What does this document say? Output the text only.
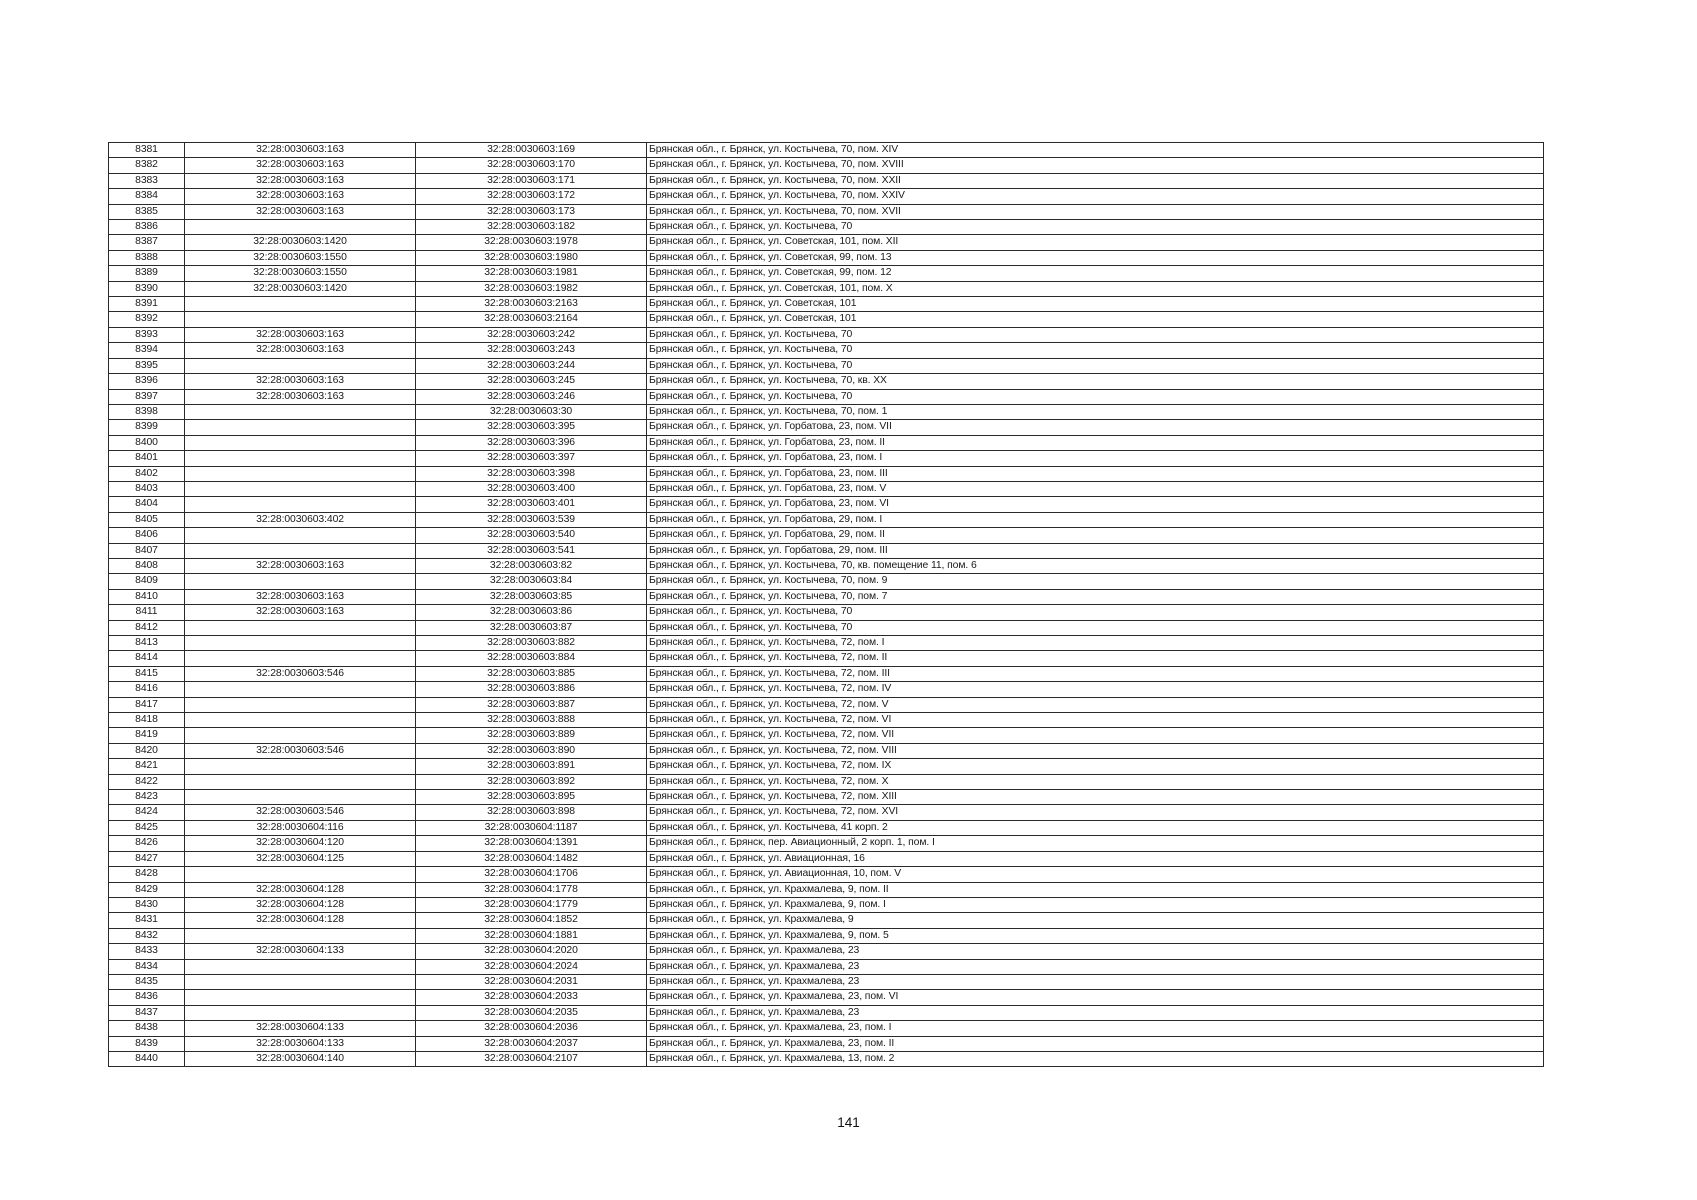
8381	32:28:0030603:163	32:28:0030603:169	Брянская обл., г. Брянск, ул. Костычева, 70, пом. XIV
8382	32:28:0030603:163	32:28:0030603:170	Брянская обл., г. Брянск, ул. Костычева, 70, пом. XVIII
8383	32:28:0030603:163	32:28:0030603:171	Брянская обл., г. Брянск, ул. Костычева, 70, пом. XXII
8384	32:28:0030603:163	32:28:0030603:172	Брянская обл., г. Брянск, ул. Костычева, 70, пом. XXIV
8385	32:28:0030603:163	32:28:0030603:173	Брянская обл., г. Брянск, ул. Костычева, 70, пом. XVII
8386		32:28:0030603:182	Брянская обл., г. Брянск, ул. Костычева, 70
8387	32:28:0030603:1420	32:28:0030603:1978	Брянская обл., г. Брянск, ул. Советская, 101, пом. XII
8388	32:28:0030603:1550	32:28:0030603:1980	Брянская обл., г. Брянск, ул. Советская, 99, пом. 13
8389	32:28:0030603:1550	32:28:0030603:1981	Брянская обл., г. Брянск, ул. Советская, 99, пом. 12
8390	32:28:0030603:1420	32:28:0030603:1982	Брянская обл., г. Брянск, ул. Советская, 101, пом. X
8391		32:28:0030603:2163	Брянская обл., г. Брянск, ул. Советская, 101
8392		32:28:0030603:2164	Брянская обл., г. Брянск, ул. Советская, 101
8393	32:28:0030603:163	32:28:0030603:242	Брянская обл., г. Брянск, ул. Костычева, 70
8394	32:28:0030603:163	32:28:0030603:243	Брянская обл., г. Брянск, ул. Костычева, 70
8395		32:28:0030603:244	Брянская обл., г. Брянск, ул. Костычева, 70
8396	32:28:0030603:163	32:28:0030603:245	Брянская обл., г. Брянск, ул. Костычева, 70, кв. XX
8397	32:28:0030603:163	32:28:0030603:246	Брянская обл., г. Брянск, ул. Костычева, 70
8398		32:28:0030603:30	Брянская обл., г. Брянск, ул. Костычева, 70, пом. 1
8399		32:28:0030603:395	Брянская обл., г. Брянск, ул. Горбатова, 23, пом. VII
8400		32:28:0030603:396	Брянская обл., г. Брянск, ул. Горбатова, 23, пом. II
8401		32:28:0030603:397	Брянская обл., г. Брянск, ул. Горбатова, 23, пом. I
8402		32:28:0030603:398	Брянская обл., г. Брянск, ул. Горбатова, 23, пом. III
8403		32:28:0030603:400	Брянская обл., г. Брянск, ул. Горбатова, 23, пом. V
8404		32:28:0030603:401	Брянская обл., г. Брянск, ул. Горбатова, 23, пом. VI
8405	32:28:0030603:402	32:28:0030603:539	Брянская обл., г. Брянск, ул. Горбатова, 29, пом. I
8406		32:28:0030603:540	Брянская обл., г. Брянск, ул. Горбатова, 29, пом. II
8407		32:28:0030603:541	Брянская обл., г. Брянск, ул. Горбатова, 29, пом. III
8408	32:28:0030603:163	32:28:0030603:82	Брянская обл., г. Брянск, ул. Костычева, 70, кв. помещение 11, пом. 6
8409		32:28:0030603:84	Брянская обл., г. Брянск, ул. Костычева, 70, пом. 9
8410	32:28:0030603:163	32:28:0030603:85	Брянская обл., г. Брянск, ул. Костычева, 70, пом. 7
8411	32:28:0030603:163	32:28:0030603:86	Брянская обл., г. Брянск, ул. Костычева, 70
8412		32:28:0030603:87	Брянская обл., г. Брянск, ул. Костычева, 70
8413		32:28:0030603:882	Брянская обл., г. Брянск, ул. Костычева, 72, пом. I
8414		32:28:0030603:884	Брянская обл., г. Брянск, ул. Костычева, 72, пом. II
8415	32:28:0030603:546	32:28:0030603:885	Брянская обл., г. Брянск, ул. Костычева, 72, пом. III
8416		32:28:0030603:886	Брянская обл., г. Брянск, ул. Костычева, 72, пом. IV
8417		32:28:0030603:887	Брянская обл., г. Брянск, ул. Костычева, 72, пом. V
8418		32:28:0030603:888	Брянская обл., г. Брянск, ул. Костычева, 72, пом. VI
8419		32:28:0030603:889	Брянская обл., г. Брянск, ул. Костычева, 72, пом. VII
8420	32:28:0030603:546	32:28:0030603:890	Брянская обл., г. Брянск, ул. Костычева, 72, пом. VIII
8421		32:28:0030603:891	Брянская обл., г. Брянск, ул. Костычева, 72, пом. IX
8422		32:28:0030603:892	Брянская обл., г. Брянск, ул. Костычева, 72, пом. X
8423		32:28:0030603:895	Брянская обл., г. Брянск, ул. Костычева, 72, пом. XIII
8424	32:28:0030603:546	32:28:0030603:898	Брянская обл., г. Брянск, ул. Костычева, 72, пом. XVI
8425	32:28:0030604:116	32:28:0030604:1187	Брянская обл., г. Брянск, ул. Костычева, 41 корп. 2
8426	32:28:0030604:120	32:28:0030604:1391	Брянская обл., г. Брянск, пер. Авиационный, 2 корп. 1, пом. I
8427	32:28:0030604:125	32:28:0030604:1482	Брянская обл., г. Брянск, ул. Авиационная, 16
8428		32:28:0030604:1706	Брянская обл., г. Брянск, ул. Авиационная, 10, пом. V
8429	32:28:0030604:128	32:28:0030604:1778	Брянская обл., г. Брянск, ул. Крахмалева, 9, пом. II
8430	32:28:0030604:128	32:28:0030604:1779	Брянская обл., г. Брянск, ул. Крахмалева, 9, пом. I
8431	32:28:0030604:128	32:28:0030604:1852	Брянская обл., г. Брянск, ул. Крахмалева, 9
8432		32:28:0030604:1881	Брянская обл., г. Брянск, ул. Крахмалева, 9, пом. 5
8433	32:28:0030604:133	32:28:0030604:2020	Брянская обл., г. Брянск, ул. Крахмалева, 23
8434		32:28:0030604:2024	Брянская обл., г. Брянск, ул. Крахмалева, 23
8435		32:28:0030604:2031	Брянская обл., г. Брянск, ул. Крахмалева, 23
8436		32:28:0030604:2033	Брянская обл., г. Брянск, ул. Крахмалева, 23, пом. VI
8437		32:28:0030604:2035	Брянская обл., г. Брянск, ул. Крахмалева, 23
8438	32:28:0030604:133	32:28:0030604:2036	Брянская обл., г. Брянск, ул. Крахмалева, 23, пом. I
8439	32:28:0030604:133	32:28:0030604:2037	Брянская обл., г. Брянск, ул. Крахмалева, 23, пом. II
8440	32:28:0030604:140	32:28:0030604:2107	Брянская обл., г. Брянск, ул. Крахмалева, 13, пом. 2
141
